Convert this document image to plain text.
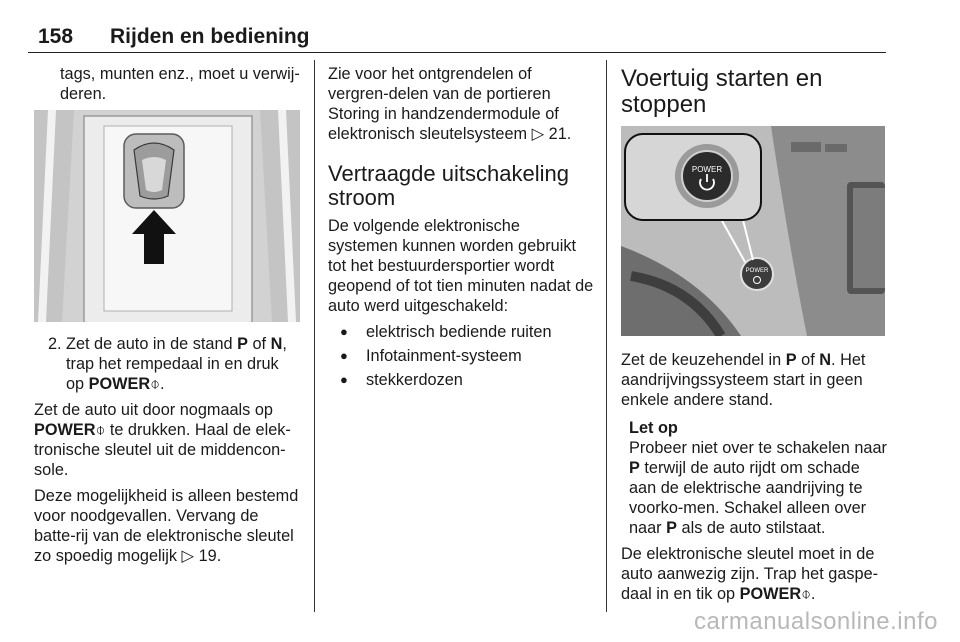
158 Rijden en bediening

tags, munten enz., moet u verwij-
deren.

2. Zet de auto in de stand P of N, trap het rempedaal in en druk op POWER⌽.

Zet de auto uit door nogmaals op POWER⌽ te drukken. Haal de elek-tronische sleutel uit de middencon-sole.

Deze mogelijkheid is alleen bestemd voor noodgevallen. Vervang de batte-rij van de elektronische sleutel zo spoedig mogelijk ▷ 19.

Zie voor het ontgrendelen of vergren-delen van de portieren Storing in handzendermodule of elektronisch sleutelsysteem ▷ 21.

Vertraagde uitschakeling stroom

De volgende elektronische systemen kunnen worden gebruikt tot het bestuurdersportier wordt geopend of tot tien minuten nadat de auto werd uitgeschakeld:

● elektrisch bediende ruiten
● Infotainment-systeem
● stekkerdozen
Voertuig starten en stoppen
POWER
POWER

Zet de keuzehendel in P of N. Het aandrijvingssysteem start in geen enkele andere stand.

Let op

Probeer niet over te schakelen naar P terwijl de auto rijdt om schade aan de elektrische aandrijving te voorko-men. Schakel alleen over naar P als de auto stilstaat.

De elektronische sleutel moet in de auto aanwezig zijn. Trap het gaspe-daal in en tik op POWER⌽.

carmanualsonline.info
